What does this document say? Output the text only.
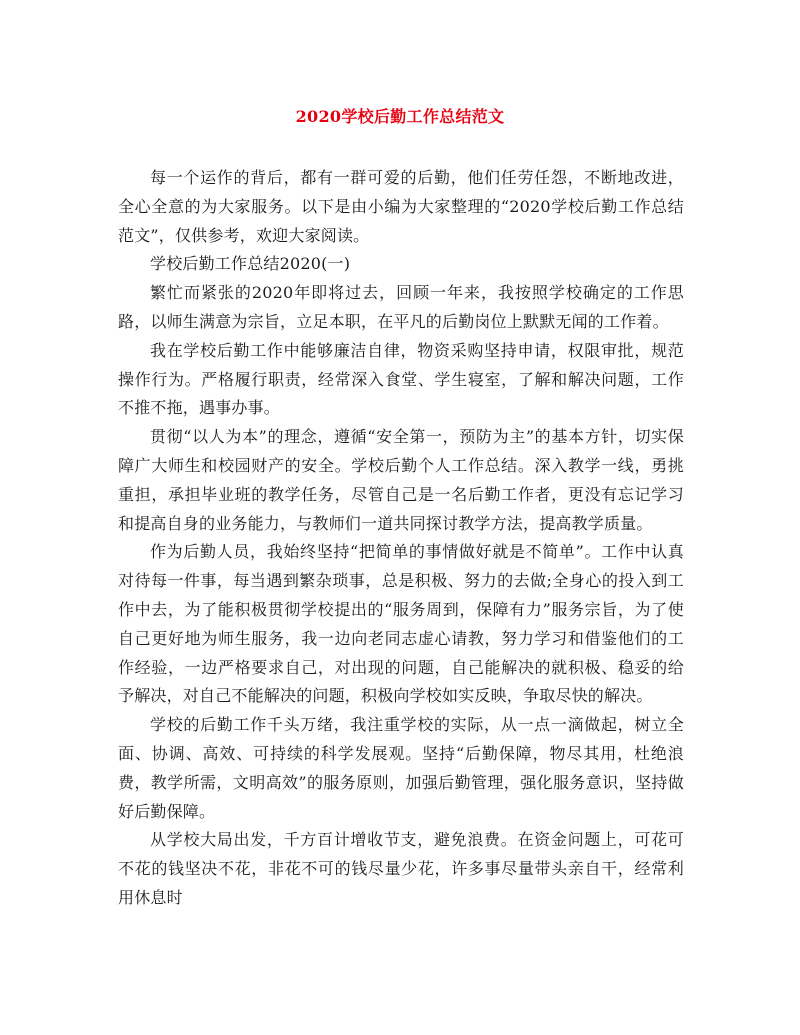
2020学校后勤工作总结范文

每一个运作的背后，都有一群可爱的后勤，他们任劳任怨，不断地改进，全心全意的为大家服务。以下是由小编为大家整理的“2020学校后勤工作总结范文”，仅供参考，欢迎大家阅读。

学校后勤工作总结2020(一)

繁忙而紧张的2020年即将过去，回顾一年来，我按照学校确定的工作思路，以师生满意为宗旨，立足本职，在平凡的后勤岗位上默默无闻的工作着。

我在学校后勤工作中能够廉洁自律，物资采购坚持申请，权限审批，规范操作行为。严格履行职责，经常深入食堂、学生寝室，了解和解决问题，工作不推不拖，遇事办事。

贯彻“以人为本”的理念，遵循“安全第一，预防为主”的基本方针，切实保障广大师生和校园财产的安全。学校后勤个人工作总结。深入教学一线，勇挑重担，承担毕业班的教学任务，尽管自己是一名后勤工作者，更没有忘记学习和提高自身的业务能力，与教师们一道共同探讨教学方法，提高教学质量。

作为后勤人员，我始终坚持“把简单的事情做好就是不简单”。工作中认真对待每一件事，每当遇到繁杂琐事，总是积极、努力的去做;全身心的投入到工作中去，为了能积极贯彻学校提出的“服务周到，保障有力”服务宗旨，为了使自己更好地为师生服务，我一边向老同志虚心请教，努力学习和借鉴他们的工作经验，一边严格要求自己，对出现的问题，自己能解决的就积极、稳妥的给予解决，对自己不能解决的问题，积极向学校如实反映，争取尽快的解决。

学校的后勤工作千头万绪，我注重学校的实际，从一点一滴做起，树立全面、协调、高效、可持续的科学发展观。坚持“后勤保障，物尽其用，杜绝浪费，教学所需，文明高效”的服务原则，加强后勤管理，强化服务意识，坚持做好后勤保障。

从学校大局出发，千方百计增收节支，避免浪费。在资金问题上，可花可不花的钱坚决不花，非花不可的钱尽量少花，许多事尽量带头亲自干，经常利用休息时
